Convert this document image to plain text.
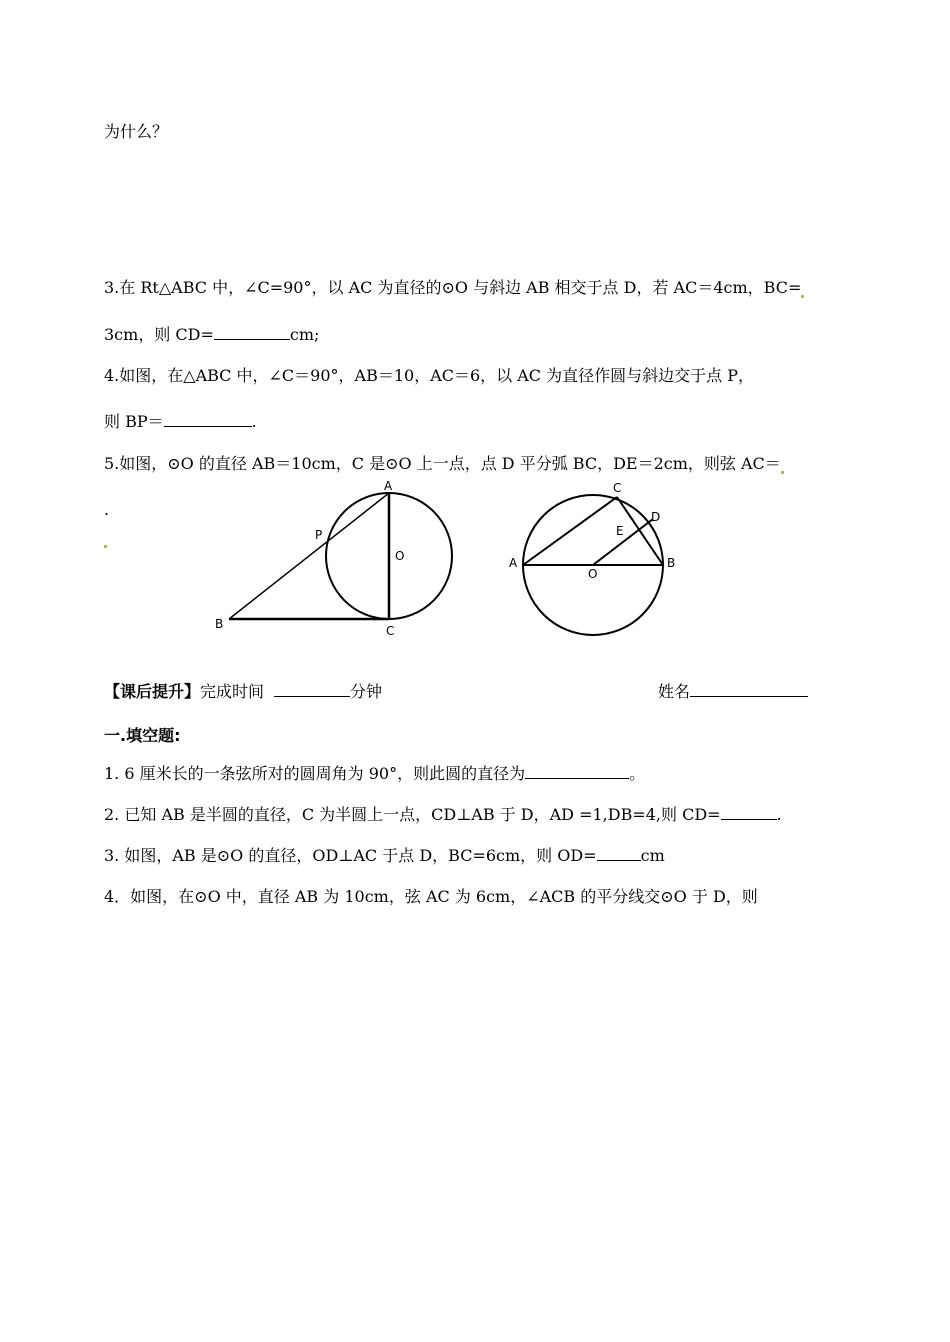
为什么？
3.在 Rt△ABC 中，∠C=90°，以 AC 为直径的⊙O 与斜边 AB 相交于点 D，若 AC＝4cm，BC=
3cm，则 CD=	cm;
4.如图，在△ABC 中，∠C＝90°，AB＝10，AC＝6，以 AC 为直径作圆与斜边交于点 P，
则 BP＝	.
5.如图，⊙O 的直径 AB＝10cm，C 是⊙O 上一点，点 D 平分弧 BC，DE＝2cm，则弦 AC＝
.
A
P
O
B	C
C
D
E
A
O
B
【课后提升】完成时间	分钟	姓名
一.填空题:
1. 6 厘米长的一条弦所对的圆周角为 90°，则此圆的直径为	。
2. 已知 AB 是半圆的直径，C 为半圆上一点，CD⊥AB 于 D，AD =1,DB=4,则 CD=	.
3. 如图，AB 是⊙O 的直径，OD⊥AC 于点 D，BC=6cm，则 OD=	cm
4．如图，在⊙O 中，直径 AB 为 10cm，弦 AC 为 6cm，∠ACB 的平分线交⊙O 于 D，则
